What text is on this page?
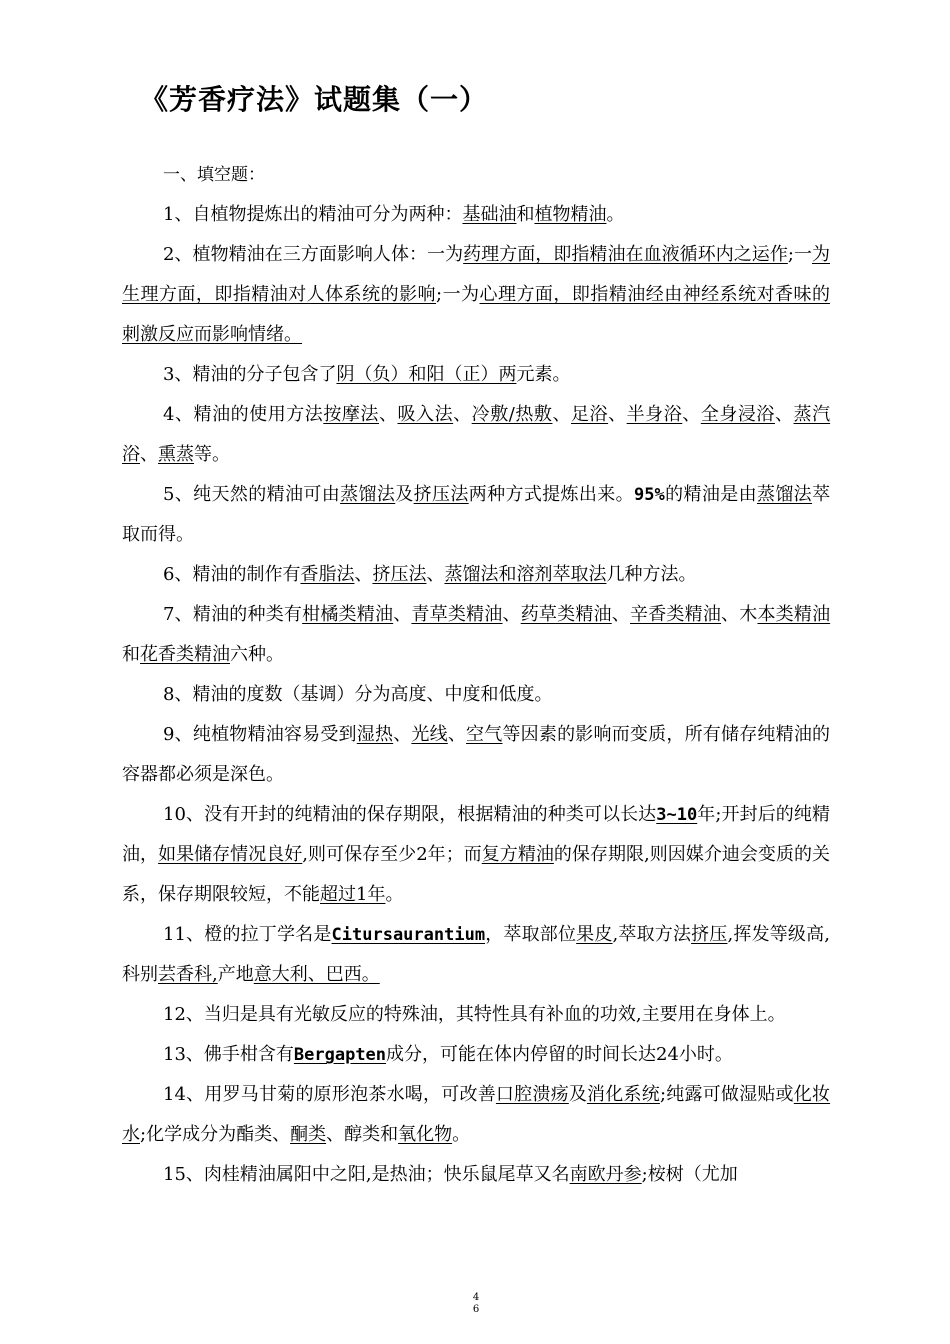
《芳香疗法》试题集（一）
一、填空题：

1、自植物提炼出的精油可分为两种：基础油和植物精油。

2、植物精油在三方面影响人体：一为药理方面，即指精油在血液循环内之运作;一为生理方面，即指精油对人体系统的影响;一为心理方面，即指精油经由神经系统对香味的刺激反应而影响情绪。

3、精油的分子包含了阴（负）和阳（正）两元素。

4、精油的使用方法按摩法、吸入法、冷敷/热敷、足浴、半身浴、全身浸浴、蒸汽浴、熏蒸等。

5、纯天然的精油可由蒸馏法及挤压法两种方式提炼出来。95%的精油是由蒸馏法萃取而得。

6、精油的制作有香脂法、挤压法、蒸馏法和溶剂萃取法几种方法。

7、精油的种类有柑橘类精油、青草类精油、药草类精油、辛香类精油、木本类精油和花香类精油六种。

8、精油的度数（基调）分为高度、中度和低度。

9、纯植物精油容易受到湿热、光线、空气等因素的影响而变质，所有储存纯精油的容器都必须是深色。

10、没有开封的纯精油的保存期限，根据精油的种类可以长达3~10年;开封后的纯精油，如果储存情况良好,则可保存至少2年；而复方精油的保存期限,则因媒介迪会变质的关系，保存期限较短，不能超过1年。

11、橙的拉丁学名是Citursaurantium，萃取部位果皮,萃取方法挤压,挥发等级高,科别芸香科,产地意大利、巴西。

12、当归是具有光敏反应的特殊油，其特性具有补血的功效,主要用在身体上。

13、佛手柑含有Bergapten成分，可能在体内停留的时间长达24小时。

14、用罗马甘菊的原形泡茶水喝，可改善口腔溃疡及消化系统;纯露可做湿贴或化妆水;化学成分为酯类、酮类、醇类和氧化物。

15、肉桂精油属阳中之阳,是热油；快乐鼠尾草又名南欧丹参;桉树（尤加

4
6
